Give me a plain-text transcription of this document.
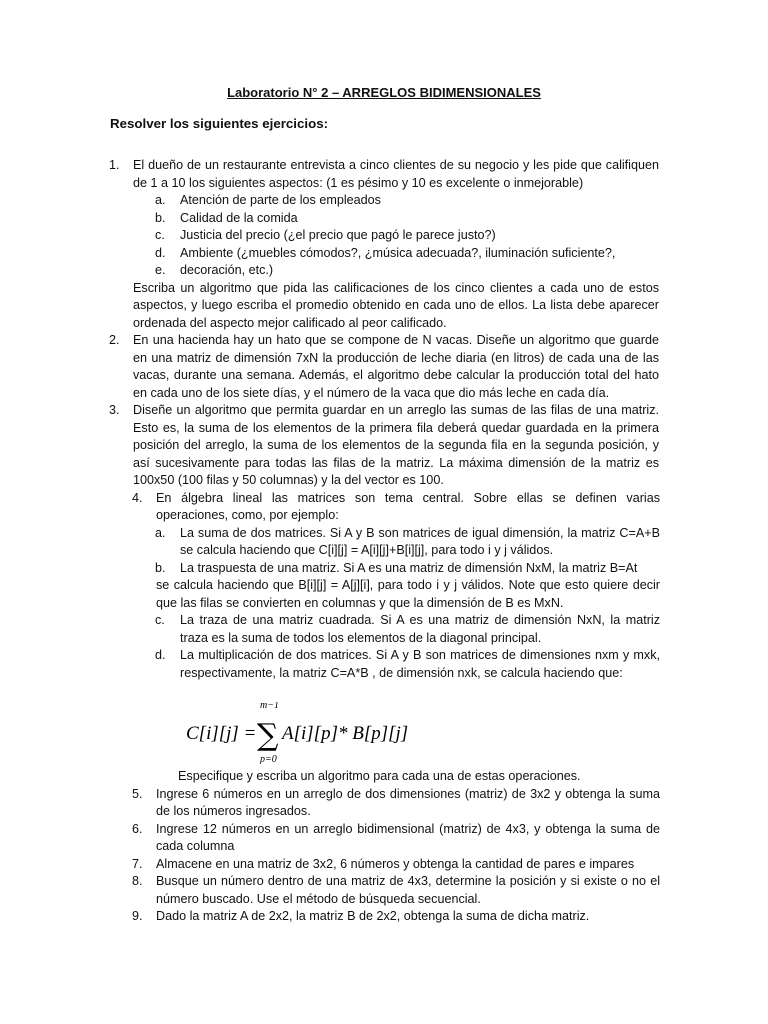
Laboratorio N° 2 – ARREGLOS BIDIMENSIONALES
Resolver los siguientes ejercicios:
1. El dueño de un restaurante entrevista a cinco clientes de su negocio y les pide que califiquen de 1 a 10 los siguientes aspectos: (1 es pésimo y 10 es excelente o inmejorable)
a. Atención de parte de los empleados
b. Calidad de la comida
c. Justicia del precio (¿el precio que pagó le parece justo?)
d. Ambiente (¿muebles cómodos?, ¿música adecuada?, iluminación suficiente?,
e. decoración, etc.)
Escriba un algoritmo que pida las calificaciones de los cinco clientes a cada uno de estos aspectos, y luego escriba el promedio obtenido en cada uno de ellos. La lista debe aparecer ordenada del aspecto mejor calificado al peor calificado.
2. En una hacienda hay un hato que se compone de N vacas. Diseñe un algoritmo que guarde en una matriz de dimensión 7xN la producción de leche diaria (en litros) de cada una de las vacas, durante una semana. Además, el algoritmo debe calcular la producción total del hato en cada uno de los siete días, y el número de la vaca que dio más leche en cada día.
3. Diseñe un algoritmo que permita guardar en un arreglo las sumas de las filas de una matriz. Esto es, la suma de los elementos de la primera fila deberá quedar guardada en la primera posición del arreglo, la suma de los elementos de la segunda fila en la segunda posición, y así sucesivamente para todas las filas de la matriz. La máxima dimensión de la matriz es 100x50 (100 filas y 50 columnas) y la del vector es 100.
4. En álgebra lineal las matrices son tema central. Sobre ellas se definen varias operaciones, como, por ejemplo:
a. La suma de dos matrices. Si A y B son matrices de igual dimensión, la matriz C=A+B se calcula haciendo que C[i][j] = A[i][j]+B[i][j], para todo i y j válidos.
b. La traspuesta de una matriz. Si A es una matriz de dimensión NxM, la matriz B=At
se calcula haciendo que B[i][j] = A[j][i], para todo i y j válidos. Note que esto quiere decir que las filas se convierten en columnas y que la dimensión de B es MxN.
c. La traza de una matriz cuadrada. Si A es una matriz de dimensión NxN, la matriz traza es la suma de todos los elementos de la diagonal principal.
d. La multiplicación de dos matrices. Si A y B son matrices de dimensiones nxm y mxk, respectivamente, la matriz C=A*B , de dimensión nxk, se calcula haciendo que:
C[i][j] =
m−1
∑
p=0
A[i][p]* B[p][j]
Especifique y escriba un algoritmo para cada una de estas operaciones.
5. Ingrese 6 números en un arreglo de dos dimensiones (matriz) de 3x2 y obtenga la suma de los números ingresados.
6. Ingrese 12 números en un arreglo bidimensional (matriz) de 4x3, y obtenga la suma de cada columna
7. Almacene en una matriz de 3x2, 6 números y obtenga la cantidad de pares e impares
8. Busque un número dentro de una matriz de 4x3, determine la posición y si existe o no el número buscado. Use el método de búsqueda secuencial.
9. Dado la matriz A de 2x2, la matriz B de 2x2, obtenga la suma de dicha matriz.
